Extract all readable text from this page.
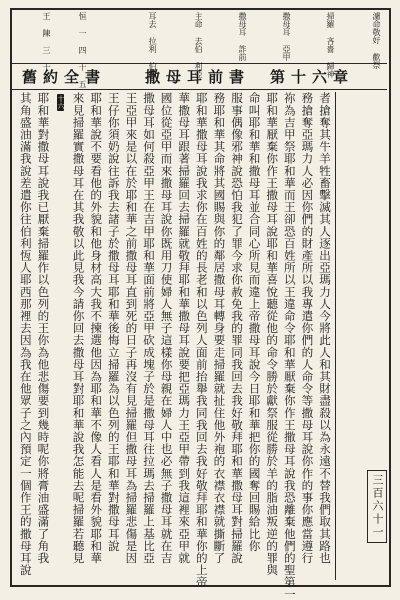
濾命敬好 歡祭
掃羅 吝嗇 歸神
撒母耳 亞甲
撒母耳 詐前
主命 去伯 利亞
耳去 拉利 伯撤
恒 一 四 十 五
王 陳 三 十
舊約全書	撒母耳前書 第十六章
者搶奪其牛羊牲畜擊滅其人逐出亞瑪力人今將此人和其財盡殺以為永遠不替我們取其路也
務搶奪亞瑪力人必因你們的財產所以我專遣你們的人命令等撒母耳說你作的事你應當遵行
祢為吉甲祭耶和華而王卻恐百姓所以王違命令耶和華厭棄你作王撒母耳說我恐離棄他們的聖第一
耶和華厭棄你作王撒母耳說耶和華喜悅聽從他的命令勝於獻祭服從勝於羊的脂油叛逆的罪與
命叫耶和華和撒母耳並合同心所見而違上帝撒母耳說今日耶和華把你的國奪回賜給比你
服事偶像邪神說恐怕我犯了罪今求你赦免我的罪同我回去我好敬拜耶和華撒母耳對掃羅說
務耶和華其命將其國賜與你的鄰居撒母耳轉身要走掃羅就扯住他外袍的衣襟衣襟就撕斷了
耶和華撒母耳說我求你在百姓的長老和以色列人面前抬舉我同我回去我好敬拜耶和華你的上帝
華撒母耳跟著掃羅回去掃羅就敬拜耶和華撒母耳說要把亞瑪力王亞甲帶到我這裡來亞甲就
國位從亞甲而來撒母耳說你既用刀使婦人無子這樣你母親在婦人中也必無子撒母耳就在吉
撒母耳如何殺亞甲王在吉甲耶和華面前將亞甲砍成塊子於是撒母耳往拉瑪去掃羅上基比亞
王亞甲來是以在於耶和華之前撒母耳直到死的日子再沒有見掃羅但撒母耳為掃羅悲傷是因
王仔你須奶說往訴我去諸子於撒母耳耶和華後悔立掃羅為以色列的王耶和華對撒母耳說
耶和華說不要看他的外貌和他身材高大我不揀選他因為耶和華不像人看人是看外貌耶和華
來見掃羅實撒母耳在其我敬以此見我今請你回去撒母耳對耶和華說我怎能去呢掃羅若聽見
十六
耶和華對撒母耳說我已厭棄掃羅作以色列的王你為他悲傷要到幾時呢你將膏油盛滿了角我
其角盛油滿我說差遣你往伯利恆人耶西那裡去因為我在他眾子之內預定一個作王的撒母耳說	三百六十一
